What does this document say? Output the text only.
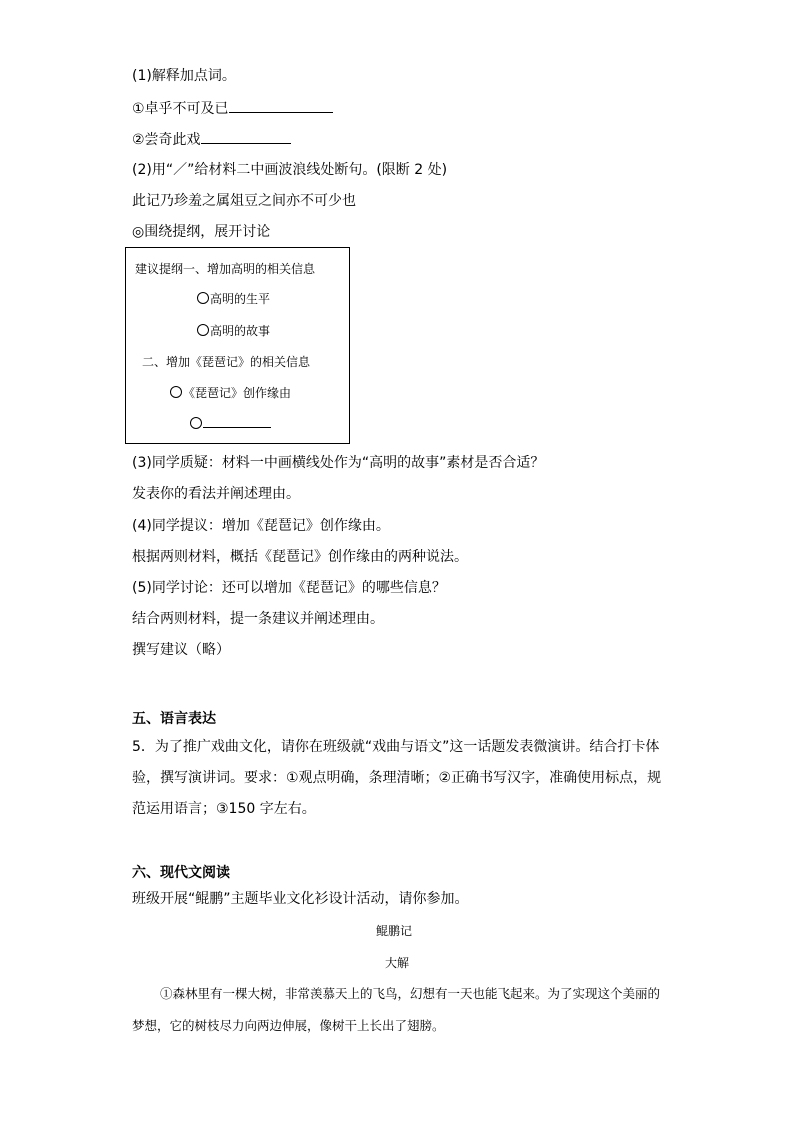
(1)解释加点词。
①卓乎不可及已
②尝奇此戏
(2)用“／”给材料二中画波浪线处断句。(限断 2 处)
此记乃珍羞之属俎豆之间亦不可少也
◎围绕提纲，展开讨论
建议提纲一、增加高明的相关信息
高明的生平
高明的故事
二、增加《琵琶记》的相关信息
《琵琶记》创作缘由
(3)同学质疑：材料一中画横线处作为“高明的故事”素材是否合适？
发表你的看法并阐述理由。
(4)同学提议：增加《琵琶记》创作缘由。
根据两则材料，概括《琵琶记》创作缘由的两种说法。
(5)同学讨论：还可以增加《琵琶记》的哪些信息？
结合两则材料，提一条建议并阐述理由。
撰写建议（略）
五、语言表达
5．为了推广戏曲文化，请你在班级就“戏曲与语文”这一话题发表微演讲。结合打卡体验，撰写演讲词。要求：①观点明确，条理清晰；②正确书写汉字，准确使用标点，规范运用语言；③150 字左右。
六、现代文阅读
班级开展“鲲鹏”主题毕业文化衫设计活动，请你参加。
鲲鹏记
大解
①森林里有一棵大树，非常羡慕天上的飞鸟，幻想有一天也能飞起来。为了实现这个美丽的梦想，它的树枝尽力向两边伸展，像树干上长出了翅膀。
